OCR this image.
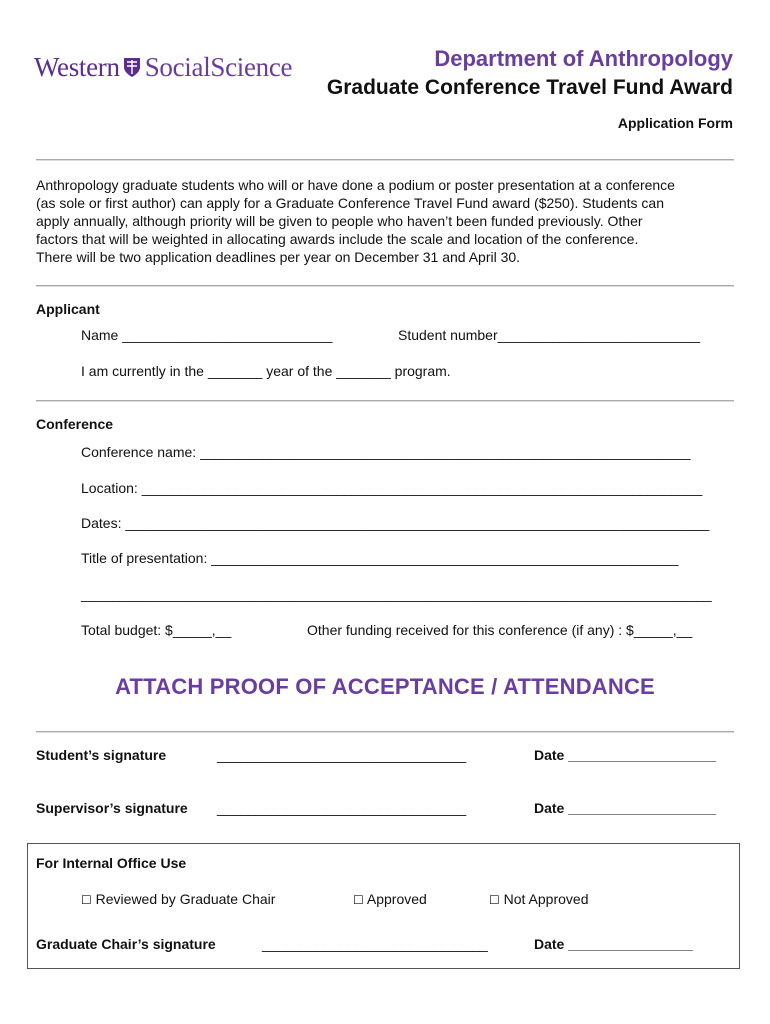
Western SocialScience	Department of Anthropology
Graduate Conference Travel Fund Award
Application Form

Anthropology graduate students who will or have done a podium or poster presentation at a conference

(as sole or first author) can apply for a Graduate Conference Travel Fund award ($250). Students can

apply annually, although priority will be given to people who haven’t been funded previously. Other

factors that will be weighted in allocating awards include the scale and location of the conference.

There will be two application deadlines per year on December 31 and April 30.

Applicant
Name ___________________________	Student number__________________________
I am currently in the _______ year of the _______ program.
Conference
Conference name: _______________________________________________________________
Location: ________________________________________________________________________
Dates: ___________________________________________________________________________
Title of presentation: ____________________________________________________________
_________________________________________________________________________________
Total budget: $_____,__	Other funding received for this conference (if any) : $_____,__
ATTACH PROOF OF ACCEPTANCE / ATTENDANCE
Student’s signature	________________________________	Date ___________________
Supervisor’s signature ________________________________	Date ___________________
For Internal Office Use
☐ Reviewed by Graduate Chair	☐ Approved	☐ Not Approved
Graduate Chair’s signature	_____________________________	Date ________________
